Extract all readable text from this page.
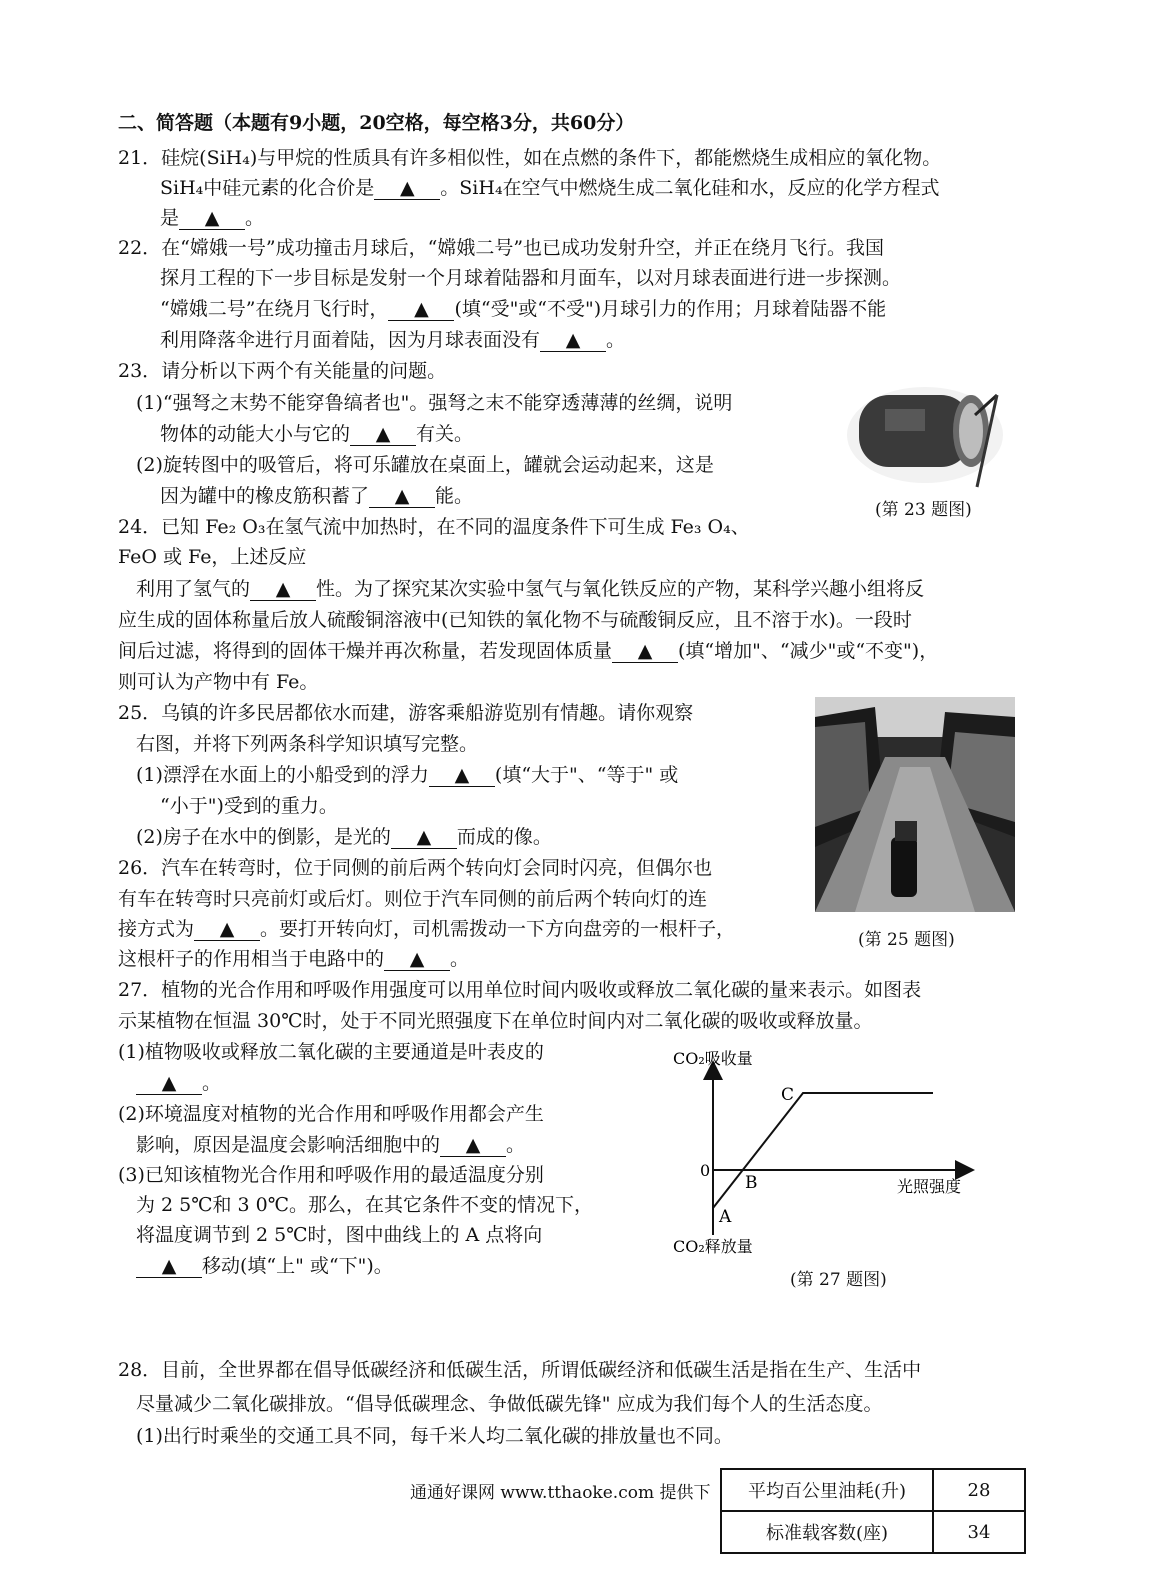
二、简答题（本题有9小题，20空格，每空格3分，共60分）
21．硅烷(SiH₄)与甲烷的性质具有许多相似性，如在点燃的条件下，都能燃烧生成相应的氧化物。
SiH₄中硅元素的化合价是 ▲ 。SiH₄在空气中燃烧生成二氧化硅和水，反应的化学方程式
是 ▲ 。
22．在“嫦娥一号”成功撞击月球后，“嫦娥二号”也已成功发射升空，并正在绕月飞行。我国
探月工程的下一步目标是发射一个月球着陆器和月面车，以对月球表面进行进一步探测。
“嫦娥二号”在绕月飞行时， ▲ (填“受"或“不受")月球引力的作用；月球着陆器不能
利用降落伞进行月面着陆，因为月球表面没有 ▲ 。
23．请分析以下两个有关能量的问题。
(1)“强弩之末势不能穿鲁缟者也"。强弩之末不能穿透薄薄的丝绸，说明
物体的动能大小与它的 ▲ 有关。
(2)旋转图中的吸管后，将可乐罐放在桌面上，罐就会运动起来，这是
因为罐中的橡皮筋积蓄了 ▲ 能。
(第 23 题图)
24．已知 Fe₂ O₃在氢气流中加热时，在不同的温度条件下可生成 Fe₃ O₄、
FeO 或 Fe，上述反应
利用了氢气的 ▲ 性。为了探究某次实验中氢气与氧化铁反应的产物，某科学兴趣小组将反
应生成的固体称量后放人硫酸铜溶液中(已知铁的氧化物不与硫酸铜反应，且不溶于水)。一段时
间后过滤，将得到的固体干燥并再次称量，若发现固体质量 ▲ (填“增加"、“减少"或“不变")，
则可认为产物中有 Fe。
25．乌镇的许多民居都依水而建，游客乘船游览别有情趣。请你观察
右图，并将下列两条科学知识填写完整。
(1)漂浮在水面上的小船受到的浮力 ▲ (填“大于"、“等于" 或
“小于")受到的重力。
(2)房子在水中的倒影，是光的 ▲ 而成的像。
(第 25 题图)
26．汽车在转弯时，位于同侧的前后两个转向灯会同时闪亮，但偶尔也
有车在转弯时只亮前灯或后灯。则位于汽车同侧的前后两个转向灯的连
接方式为 ▲ 。要打开转向灯，司机需拨动一下方向盘旁的一根杆子，
这根杆子的作用相当于电路中的 ▲ 。
27．植物的光合作用和呼吸作用强度可以用单位时间内吸收或释放二氧化碳的量来表示。如图表
示某植物在恒温 30℃时，处于不同光照强度下在单位时间内对二氧化碳的吸收或释放量。
(1)植物吸收或释放二氧化碳的主要通道是叶表皮的
▲ 。
(2)环境温度对植物的光合作用和呼吸作用都会产生
影响，原因是温度会影响活细胞中的 ▲ 。
(3)已知该植物光合作用和呼吸作用的最适温度分别
为 2 5℃和 3 0℃。那么，在其它条件不变的情况下，
将温度调节到 2 5℃时，图中曲线上的 A 点将向
▲ 移动(填“上" 或“下")。
CO₂吸收量
CO₂释放量
光照强度
0
A
B
C
(第 27 题图)
28．目前，全世界都在倡导低碳经济和低碳生活，所谓低碳经济和低碳生活是指在生产、生活中
尽量减少二氧化碳排放。“倡导低碳理念、争做低碳先锋" 应成为我们每个人的生活态度。
(1)出行时乘坐的交通工具不同，每千米人均二氧化碳的排放量也不同。
通通好课网 www.tthaoke.com 提供下 平均百公里油耗(升)	28
标准载客数(座)	34
